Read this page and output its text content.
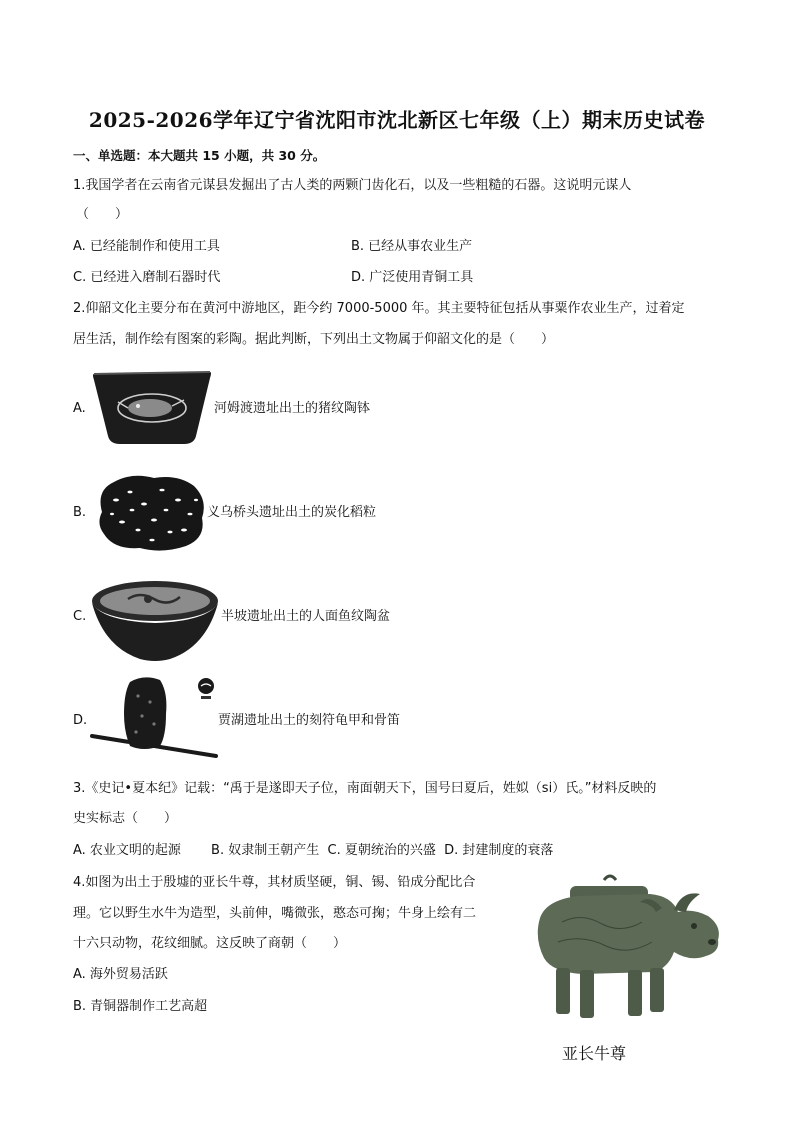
2025-2026学年辽宁省沈阳市沈北新区七年级（上）期末历史试卷
一、单选题：本大题共 15 小题，共 30 分。
1.我国学者在云南省元谋县发掘出了古人类的两颗门齿化石，以及一些粗糙的石器。这说明元谋人
（　　）
A. 已经能制作和使用工具	B. 已经从事农业生产
C. 已经进入磨制石器时代	D. 广泛使用青铜工具
2.仰韶文化主要分布在黄河中游地区，距今约 7000-5000 年。其主要特征包括从事粟作农业生产，过着定
居生活，制作绘有图案的彩陶。据此判断，下列出土文物属于仰韶文化的是（　　）
A.	河姆渡遗址出土的猪纹陶钵
B.	义乌桥头遗址出土的炭化稻粒
C.	半坡遗址出土的人面鱼纹陶盆
D.	贾湖遗址出土的刻符龟甲和骨笛
3.《史记•夏本纪》记载：“禹于是遂即天子位，南面朝天下，国号曰夏后，姓姒（si）氏。”材料反映的
史实标志（　　）
A. 农业文明的起源　　 B. 奴隶制王朝产生  C. 夏朝统治的兴盛  D. 封建制度的衰落
4.如图为出土于殷墟的亚长牛尊，其材质坚硬，铜、锡、铅成分配比合
理。它以野生水牛为造型，头前伸，嘴微张，憨态可掬；牛身上绘有二
十六只动物，花纹细腻。这反映了商朝（　　）
A. 海外贸易活跃
B. 青铜器制作工艺高超
亚长牛尊
